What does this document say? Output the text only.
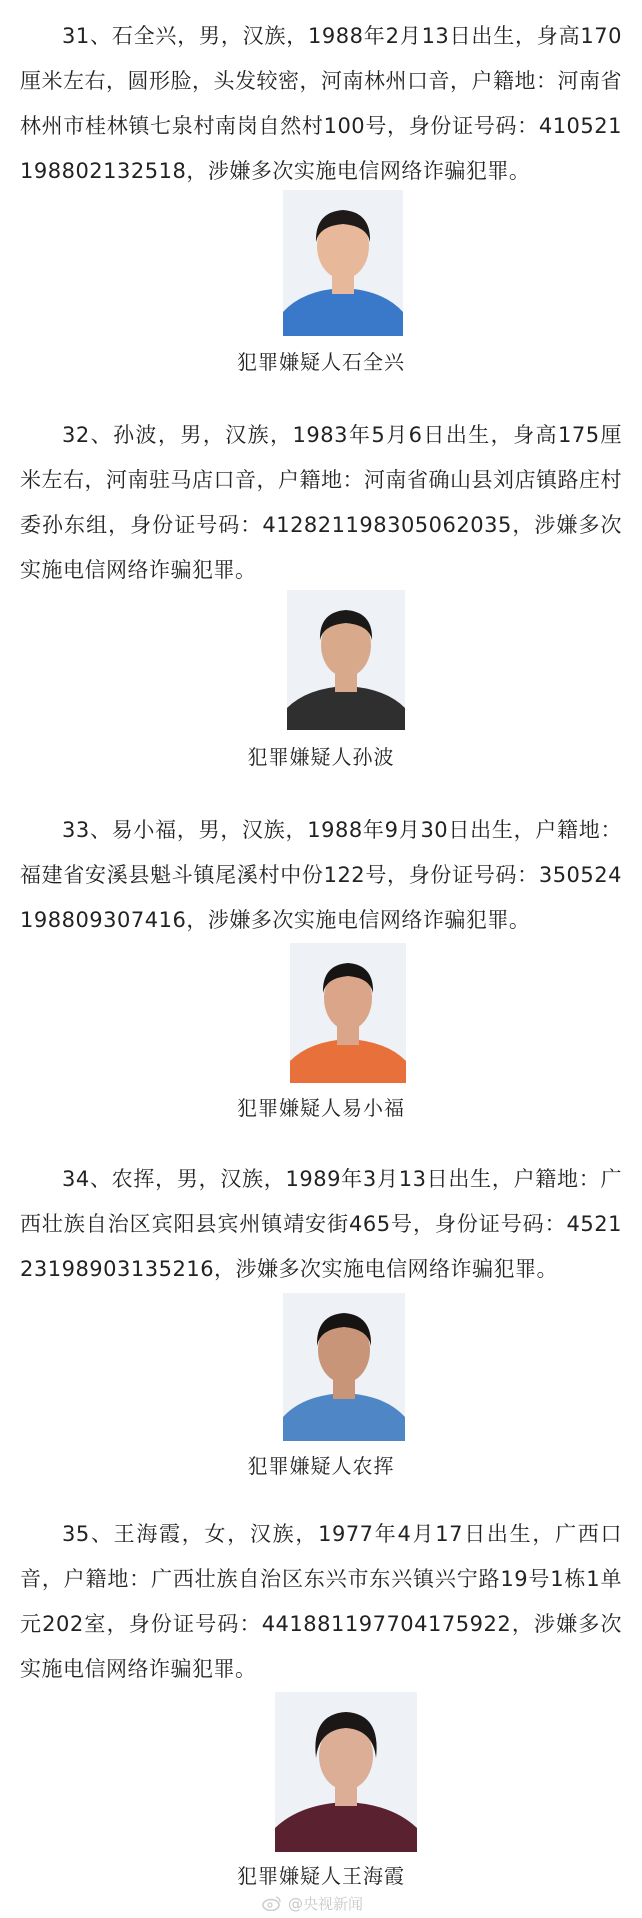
31、石全兴，男，汉族，1988年2月13日出生，身高170厘米左右，圆形脸，头发较密，河南林州口音，户籍地：河南省林州市桂林镇七泉村南岗自然村100号，身份证号码：410521198802132518，涉嫌多次实施电信网络诈骗犯罪。

犯罪嫌疑人石全兴

32、孙波，男，汉族，1983年5月6日出生，身高175厘米左右，河南驻马店口音，户籍地：河南省确山县刘店镇路庄村委孙东组，身份证号码：412821198305062035，涉嫌多次实施电信网络诈骗犯罪。

犯罪嫌疑人孙波

33、易小福，男，汉族，1988年9月30日出生，户籍地：福建省安溪县魁斗镇尾溪村中份122号，身份证号码：350524198809307416，涉嫌多次实施电信网络诈骗犯罪。

犯罪嫌疑人易小福

34、农挥，男，汉族，1989年3月13日出生，户籍地：广西壮族自治区宾阳县宾州镇靖安街465号，身份证号码：452123198903135216，涉嫌多次实施电信网络诈骗犯罪。

犯罪嫌疑人农挥

35、王海霞，女，汉族，1977年4月17日出生，广西口音，户籍地：广西壮族自治区东兴市东兴镇兴宁路19号1栋1单元202室，身份证号码：441881197704175922，涉嫌多次实施电信网络诈骗犯罪。

犯罪嫌疑人王海霞
@央视新闻
